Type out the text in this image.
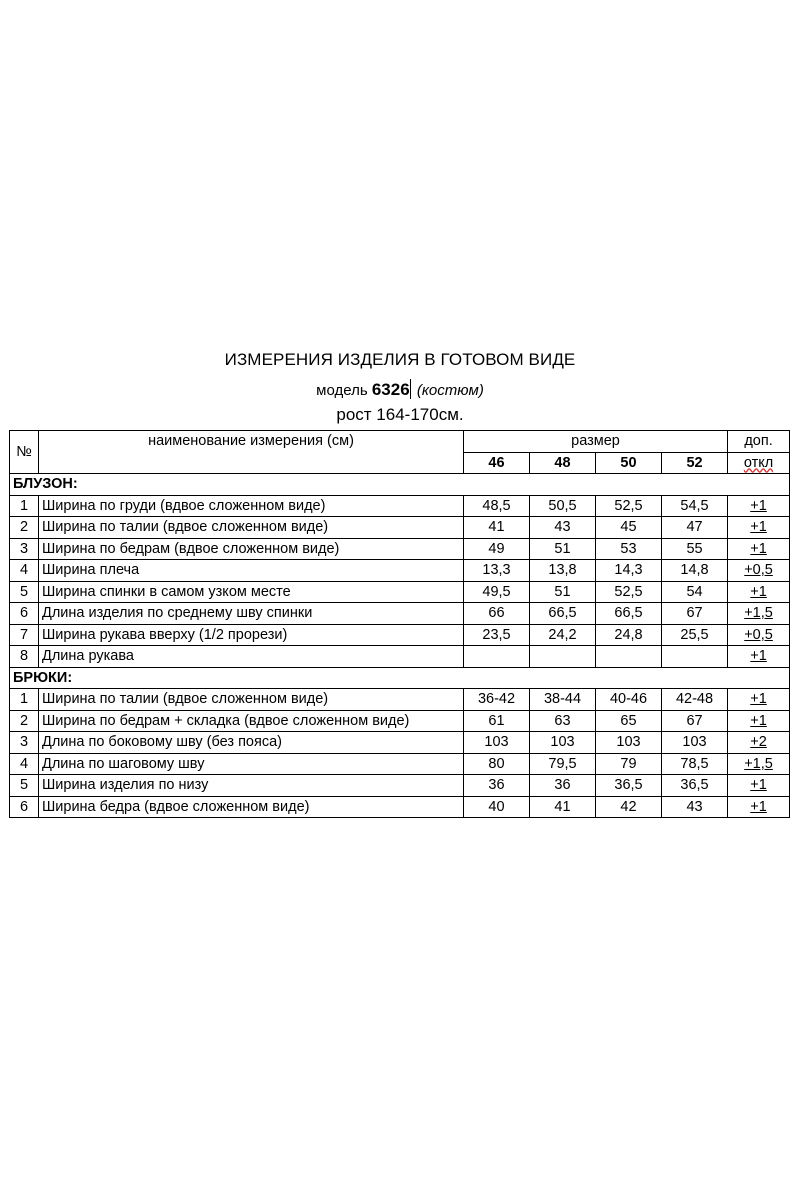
ИЗМЕРЕНИЯ ИЗДЕЛИЯ В ГОТОВОМ ВИДЕ
модель 6326 (костюм)
рост 164-170см.
№	наименование измерения (см)	размер				доп.
		46	48	50	52	откл
БЛУЗОН:						
1	Ширина по груди (вдвое сложенном виде)	48,5	50,5	52,5	54,5	+1
2	Ширина по талии (вдвое сложенном виде)	41	43	45	47	+1
3	Ширина по бедрам (вдвое сложенном виде)	49	51	53	55	+1
4	Ширина плеча	13,3	13,8	14,3	14,8	+0,5
5	Ширина спинки в самом узком месте	49,5	51	52,5	54	+1
6	Длина изделия по среднему шву спинки	66	66,5	66,5	67	+1,5
7	Ширина рукава вверху (1/2 прорези)	23,5	24,2	24,8	25,5	+0,5
8	Длина рукава					+1
БРЮКИ:						
1	Ширина по талии (вдвое сложенном виде)	36-42	38-44	40-46	42-48	+1
2	Ширина по бедрам + складка (вдвое сложенном виде)	61	63	65	67	+1
3	Длина по боковому шву (без пояса)	103	103	103	103	+2
4	Длина по шаговому шву	80	79,5	79	78,5	+1,5
5	Ширина изделия по низу	36	36	36,5	36,5	+1
6	Ширина бедра (вдвое сложенном виде)	40	41	42	43	+1
